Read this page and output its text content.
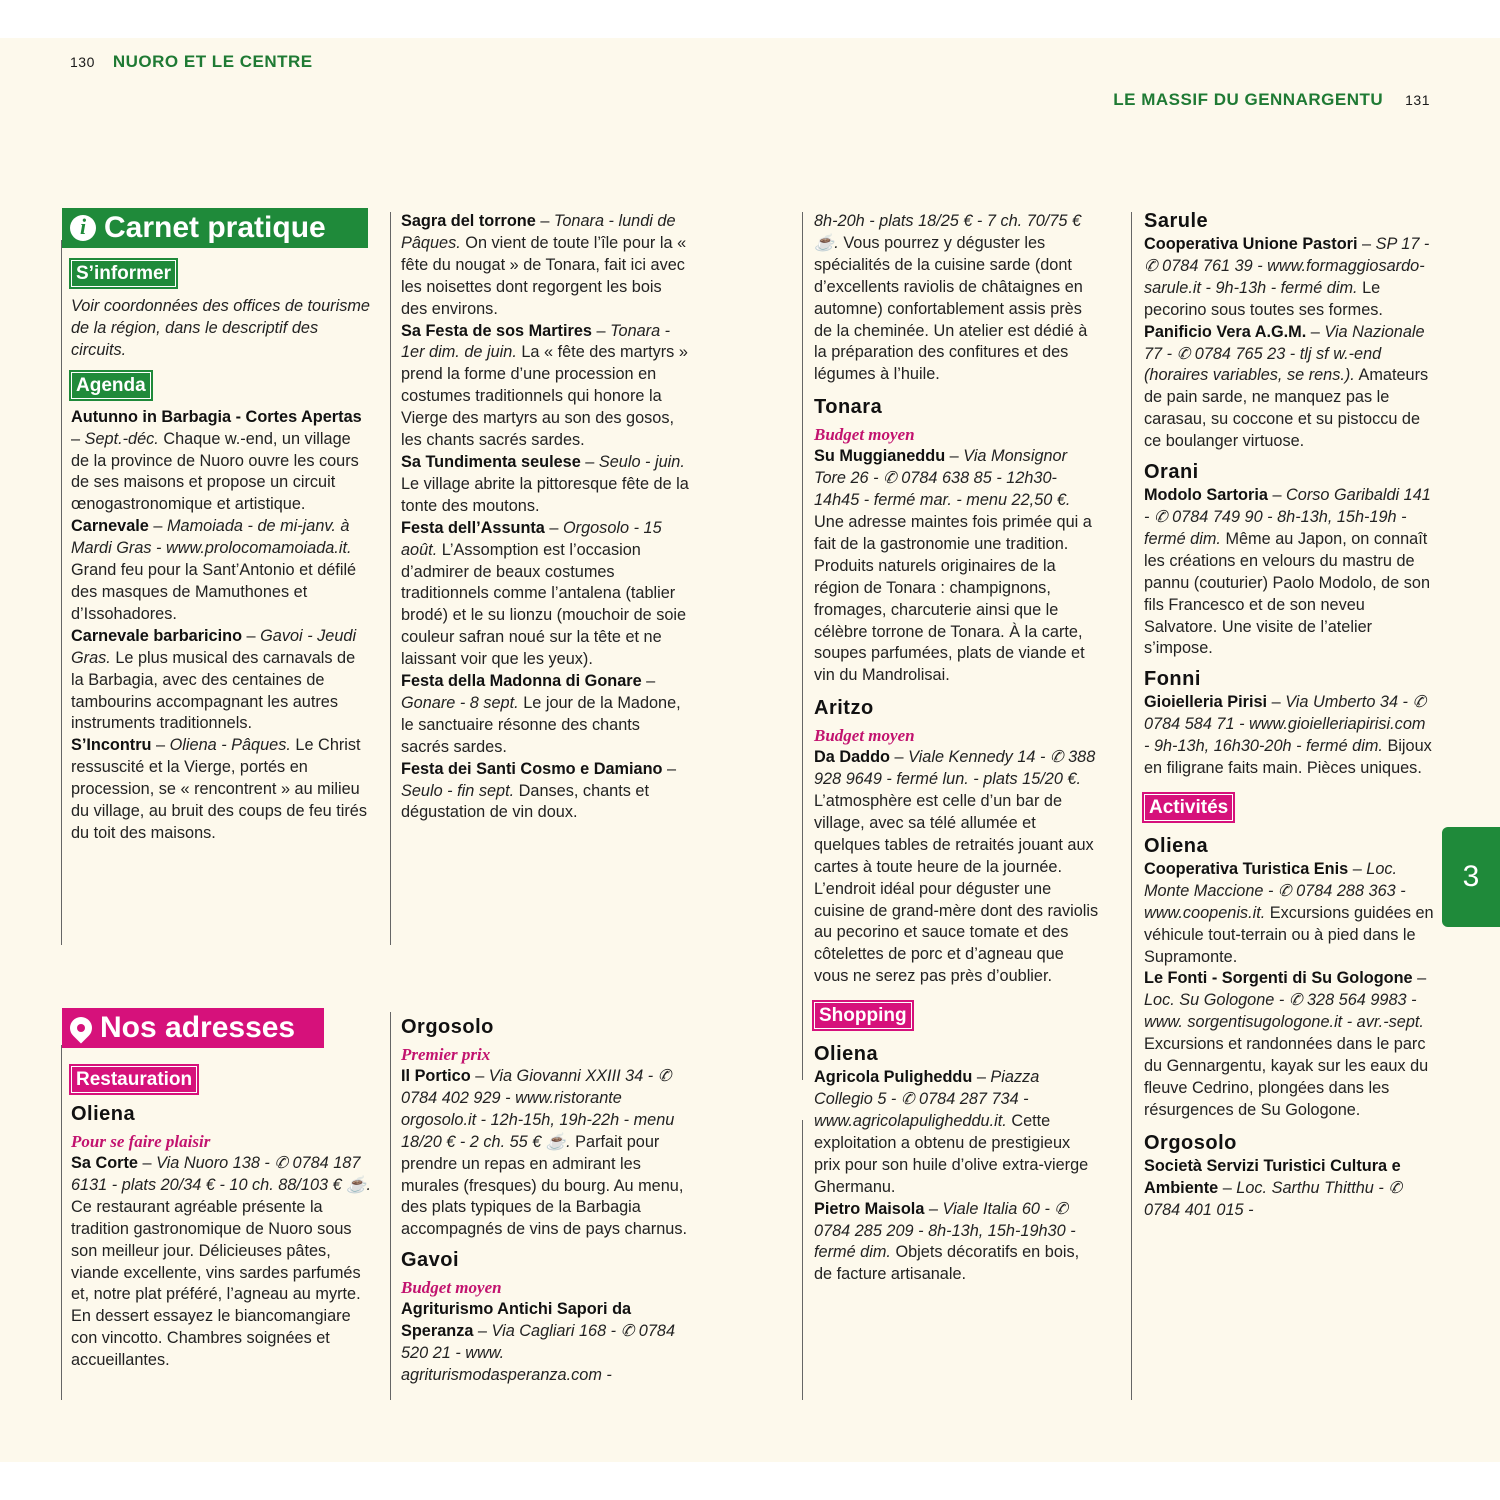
130 NUORO ET LE CENTRE
LE MASSIF DU GENNARGENTU 131
3
i Carnet pratique
S’informer

Voir coordonnées des offices de tourisme de la région, dans le descriptif des circuits.

Agenda

Autunno in Barbagia - Cortes Apertas – Sept.-déc. Chaque w.-end, un village de la province de Nuoro ouvre les cours de ses maisons et propose un circuit œnogastronomique et artistique.

Carnevale – Mamoiada - de mi-janv. à Mardi Gras - www.prolocomamoiada.it. Grand feu pour la Sant’Antonio et défilé des masques de Mamuthones et d’Issohadores.

Carnevale barbaricino – Gavoi - Jeudi Gras. Le plus musical des carnavals de la Barbagia, avec des centaines de tambourins accompagnant les autres instruments traditionnels.

S’Incontru – Oliena - Pâques. Le Christ ressuscité et la Vierge, portés en procession, se « rencontrent » au milieu du village, au bruit des coups de feu tirés du toit des maisons.

Nos adresses
Restauration
Oliena
Pour se faire plaisir

Sa Corte – Via Nuoro 138 - ✆ 0784 187 6131 - plats 20/34 € - 10 ch. 88/103 € ☕. Ce restaurant agréable présente la tradition gastronomique de Nuoro sous son meilleur jour. Délicieuses pâtes, viande excellente, vins sardes parfumés et, notre plat préféré, l’agneau au myrte. En dessert essayez le biancomangiare con vincotto. Chambres soignées et accueillantes.

Sagra del torrone – Tonara - lundi de Pâques. On vient de toute l’île pour la « fête du nougat » de Tonara, fait ici avec les noisettes dont regorgent les bois des environs.

Sa Festa de sos Martires – Tonara - 1er dim. de juin. La « fête des martyrs » prend la forme d’une procession en costumes traditionnels qui honore la Vierge des martyrs au son des gosos, les chants sacrés sardes.

Sa Tundimenta seulese – Seulo - juin. Le village abrite la pittoresque fête de la tonte des moutons.

Festa dell’Assunta – Orgosolo - 15 août. L’Assomption est l’occasion d’admirer de beaux costumes traditionnels comme l’antalena (tablier brodé) et le su lionzu (mouchoir de soie couleur safran noué sur la tête et ne laissant voir que les yeux).

Festa della Madonna di Gonare – Gonare - 8 sept. Le jour de la Madone, le sanctuaire résonne des chants sacrés sardes.

Festa dei Santi Cosmo e Damiano – Seulo - fin sept. Danses, chants et dégustation de vin doux.

Orgosolo
Premier prix

Il Portico – Via Giovanni XXIII 34 - ✆ 0784 402 929 - www.ristorante orgosolo.it - 12h-15h, 19h-22h - menu 18/20 € - 2 ch. 55 € ☕. Parfait pour prendre un repas en admirant les murales (fresques) du bourg. Au menu, des plats typiques de la Barbagia accompagnés de vins de pays charnus.

Gavoi
Budget moyen

Agriturismo Antichi Sapori da Speranza – Via Cagliari 168 - ✆ 0784 520 21 - www. agriturismodasperanza.com -

8h-20h - plats 18/25 € - 7 ch. 70/75 € ☕. Vous pourrez y déguster les spécialités de la cuisine sarde (dont d’excellents raviolis de châtaignes en automne) confortablement assis près de la cheminée. Un atelier est dédié à la préparation des confitures et des légumes à l’huile.

Tonara
Budget moyen

Su Muggianeddu – Via Monsignor Tore 26 - ✆ 0784 638 85 - 12h30-14h45 - fermé mar. - menu 22,50 €. Une adresse maintes fois primée qui a fait de la gastronomie une tradition. Produits naturels originaires de la région de Tonara : champignons, fromages, charcuterie ainsi que le célèbre torrone de Tonara. À la carte, soupes parfumées, plats de viande et vin du Mandrolisai.

Aritzo
Budget moyen

Da Daddo – Viale Kennedy 14 - ✆ 388 928 9649 - fermé lun. - plats 15/20 €. L’atmosphère est celle d’un bar de village, avec sa télé allumée et quelques tables de retraités jouant aux cartes à toute heure de la journée. L’endroit idéal pour déguster une cuisine de grand-mère dont des raviolis au pecorino et sauce tomate et des côtelettes de porc et d’agneau que vous ne serez pas près d’oublier.

Shopping
Oliena

Agricola Puligheddu – Piazza Collegio 5 - ✆ 0784 287 734 - www.agricolapuligheddu.it. Cette exploitation a obtenu de prestigieux prix pour son huile d’olive extra-vierge Ghermanu.

Pietro Maisola – Viale Italia 60 - ✆ 0784 285 209 - 8h-13h, 15h-19h30 - fermé dim. Objets décoratifs en bois, de facture artisanale.

Sarule

Cooperativa Unione Pastori – SP 17 - ✆ 0784 761 39 - www.formaggiosardo-sarule.it - 9h-13h - fermé dim. Le pecorino sous toutes ses formes.

Panificio Vera A.G.M. – Via Nazionale 77 - ✆ 0784 765 23 - tlj sf w.-end (horaires variables, se rens.). Amateurs de pain sarde, ne manquez pas le carasau, su coccone et su pistoccu de ce boulanger virtuose.

Orani

Modolo Sartoria – Corso Garibaldi 141 - ✆ 0784 749 90 - 8h-13h, 15h-19h - fermé dim. Même au Japon, on connaît les créations en velours du mastru de pannu (couturier) Paolo Modolo, de son fils Francesco et de son neveu Salvatore. Une visite de l’atelier s’impose.

Fonni

Gioielleria Pirisi – Via Umberto 34 - ✆ 0784 584 71 - www.gioielleriapirisi.com - 9h-13h, 16h30-20h - fermé dim. Bijoux en filigrane faits main. Pièces uniques.

Activités
Oliena

Cooperativa Turistica Enis – Loc. Monte Maccione - ✆ 0784 288 363 - www.coopenis.it. Excursions guidées en véhicule tout-terrain ou à pied dans le Supramonte.

Le Fonti - Sorgenti di Su Gologone – Loc. Su Gologone - ✆ 328 564 9983 - www. sorgentisugologone.it - avr.-sept. Excursions et randonnées dans le parc du Gennargentu, kayak sur les eaux du fleuve Cedrino, plongées dans les résurgences de Su Gologone.

Orgosolo

Società Servizi Turistici Cultura e Ambiente – Loc. Sarthu Thitthu - ✆ 0784 401 015 -
